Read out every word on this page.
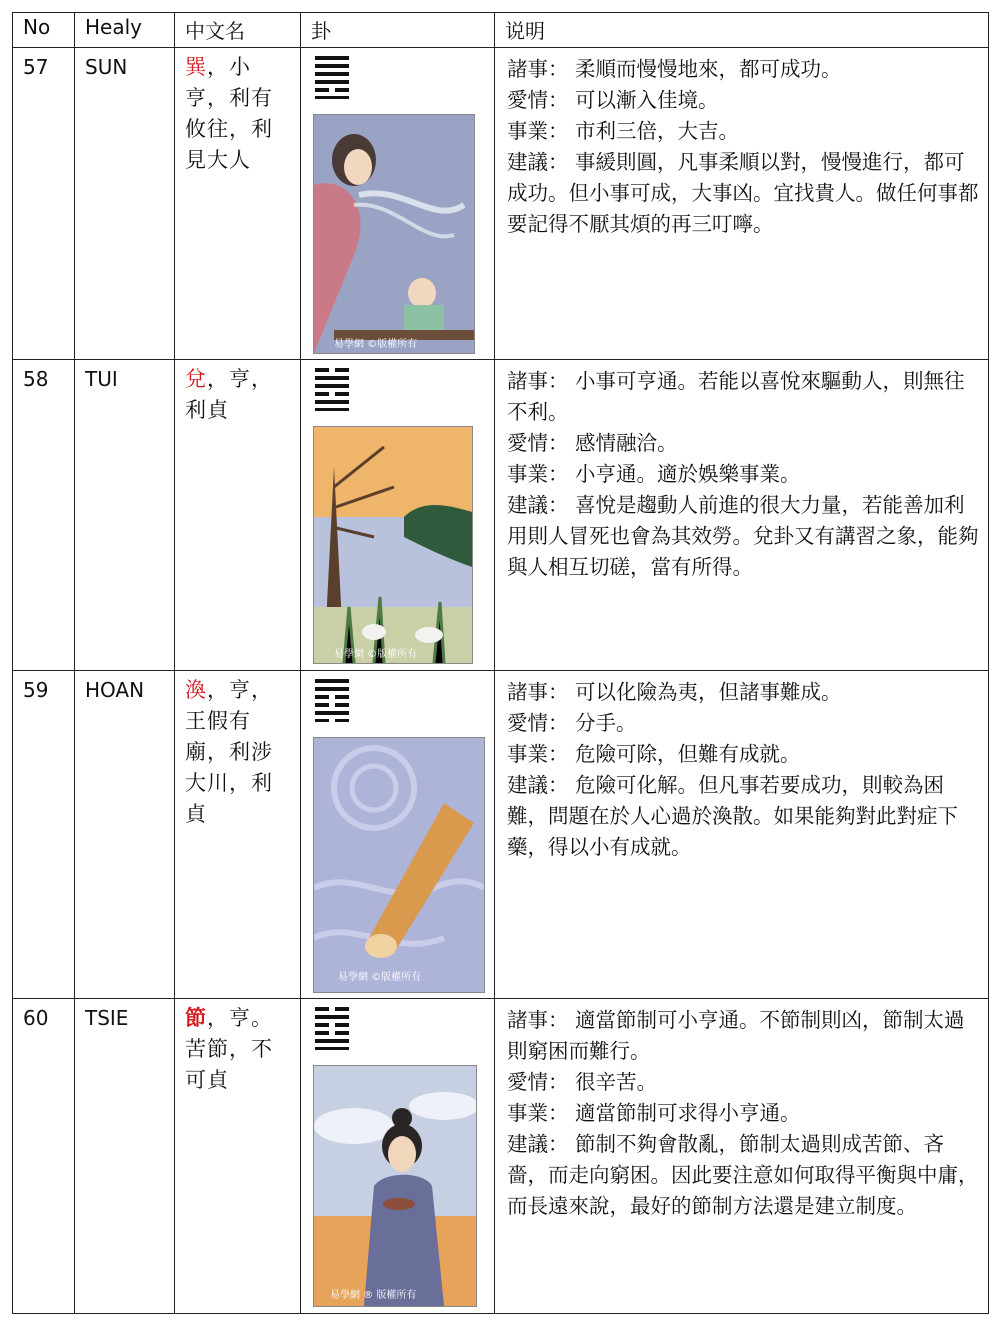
No	Healy	中文名	卦	说明

57	SUN	巽，小亨，利有攸往，利見大人	易學網 ©版權所有	諸事： 柔順而慢慢地來，都可成功。

愛情： 可以漸入佳境。

事業： 市利三倍，大吉。

建議： 事緩則圓，凡事柔順以對，慢慢進行，都可成功。但小事可成，大事凶。宜找貴人。做任何事都要記得不厭其煩的再三叮嚀。

58	TUI	兌，亨，利貞	易學網 ©版權所有	諸事： 小事可亨通。若能以喜悅來驅動人，則無往不利。

愛情： 感情融洽。

事業： 小亨通。適於娛樂事業。

建議： 喜悅是趨動人前進的很大力量，若能善加利用則人冒死也會為其效勞。兌卦又有講習之象，能夠與人相互切磋，當有所得。

59	HOAN	渙，亨，王假有廟，利涉大川，利貞	易學網 ©版權所有	諸事： 可以化險為夷，但諸事難成。

愛情： 分手。

事業： 危險可除，但難有成就。

建議： 危險可化解。但凡事若要成功，則較為困難，問題在於人心過於渙散。如果能夠對此對症下藥，得以小有成就。

60	TSIE	節，亨。苦節，不可貞	易學網 ® 版權所有	諸事： 適當節制可小亨通。不節制則凶，節制太過則窮困而難行。

愛情： 很辛苦。

事業： 適當節制可求得小亨通。

建議： 節制不夠會散亂，節制太過則成苦節、吝嗇，而走向窮困。因此要注意如何取得平衡與中庸，而長遠來說，最好的節制方法還是建立制度。
